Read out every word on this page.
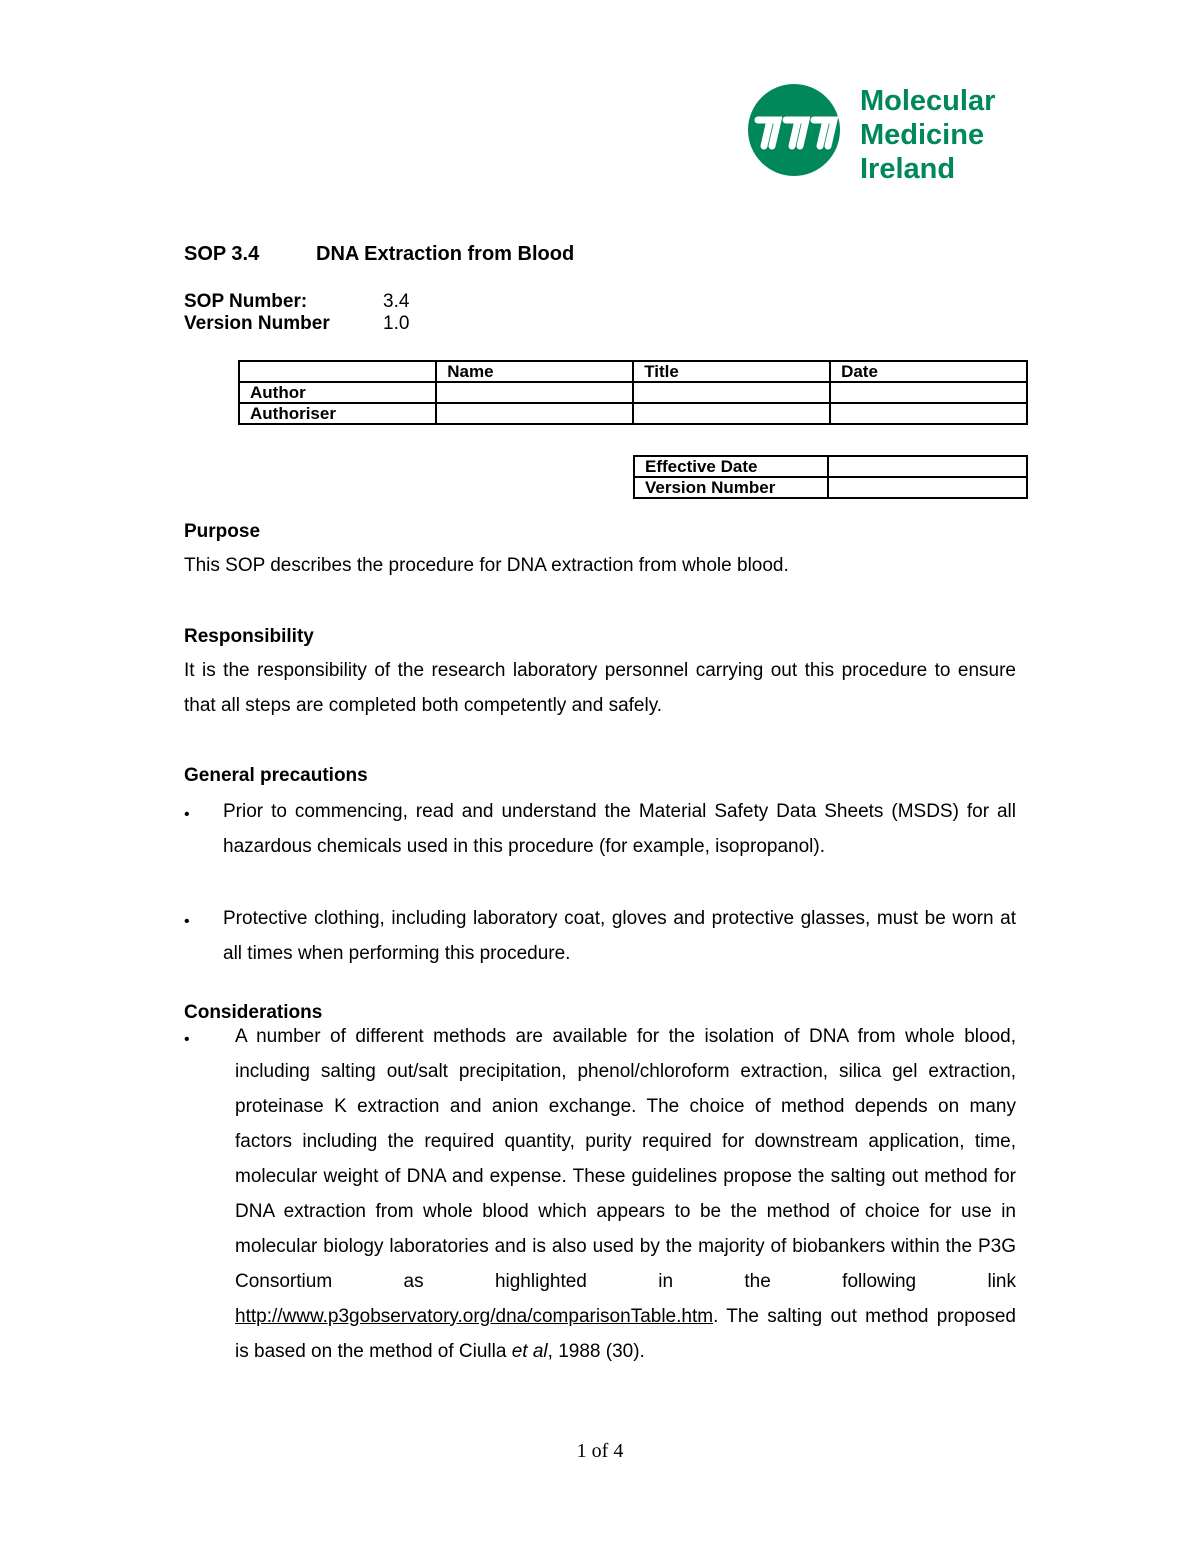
Molecular
Medicine
Ireland
SOP 3.4	DNA Extraction from Blood
SOP Number:	3.4
Version Number	1.0
	Name	Title	Date
Author			
Authoriser			
Effective Date	
Version Number	
Purpose
This SOP describes the procedure for DNA extraction from whole blood.
Responsibility
It is the responsibility of the research laboratory personnel carrying out this procedure to ensure that all steps are completed both competently and safely.
General precautions
• Prior to commencing, read and understand the Material Safety Data Sheets (MSDS) for all hazardous chemicals used in this procedure (for example, isopropanol).
• Protective clothing, including laboratory coat, gloves and protective glasses, must be worn at all times when performing this procedure.
Considerations
• A number of different methods are available for the isolation of DNA from whole blood, including salting out/salt precipitation, phenol/chloroform extraction, silica gel extraction, proteinase K extraction and anion exchange. The choice of method depends on many factors including the required quantity, purity required for downstream application, time, molecular weight of DNA and expense. These guidelines propose the salting out method for DNA extraction from whole blood which appears to be the method of choice for use in molecular biology laboratories and is also used by the majority of biobankers within the P3G Consortium as highlighted in the following link http://www.p3gobservatory.org/dna/comparisonTable.htm. The salting out method proposed is based on the method of Ciulla et al, 1988 (30).
1 of 4
